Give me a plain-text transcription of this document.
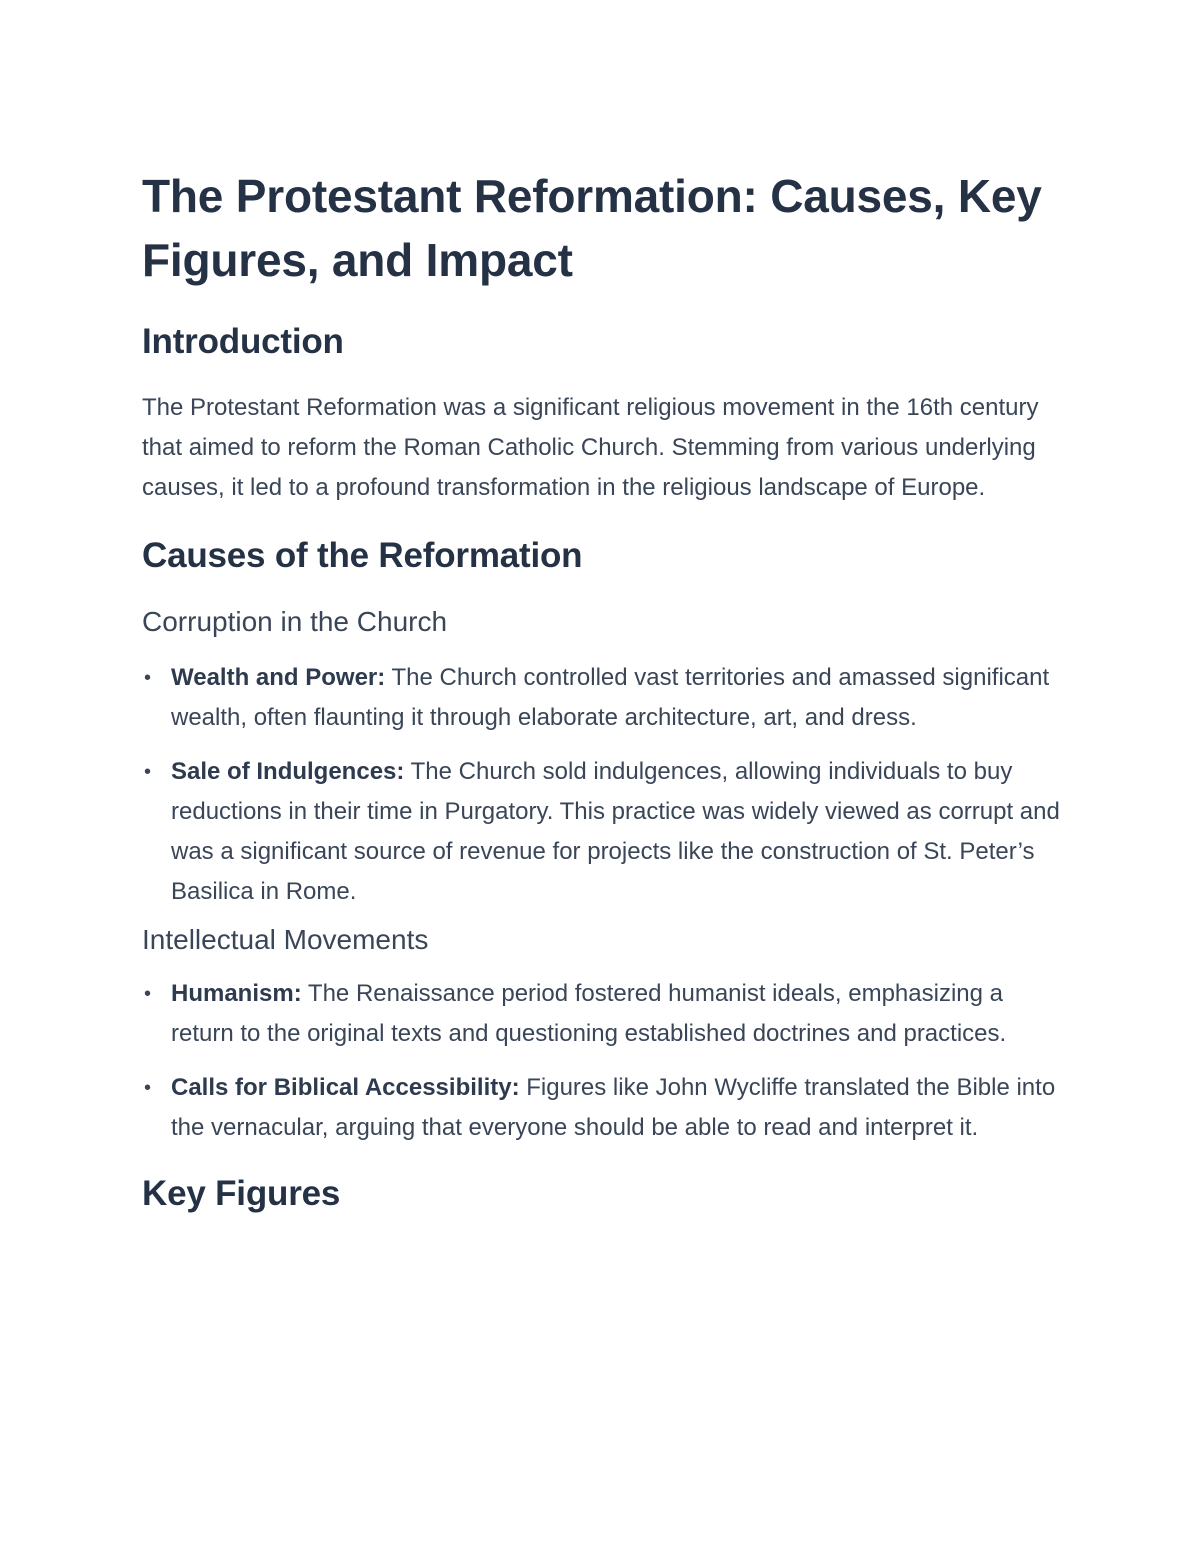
The Protestant Reformation: Causes, Key Figures, and Impact
Introduction

The Protestant Reformation was a significant religious movement in the 16th century that aimed to reform the Roman Catholic Church. Stemming from various underlying causes, it led to a profound transformation in the religious landscape of Europe.

Causes of the Reformation
Corruption in the Church
• Wealth and Power: The Church controlled vast territories and amassed significant wealth, often flaunting it through elaborate architecture, art, and dress.
• Sale of Indulgences: The Church sold indulgences, allowing individuals to buy reductions in their time in Purgatory. This practice was widely viewed as corrupt and was a significant source of revenue for projects like the construction of St. Peter’s Basilica in Rome.
Intellectual Movements
• Humanism: The Renaissance period fostered humanist ideals, emphasizing a return to the original texts and questioning established doctrines and practices.
• Calls for Biblical Accessibility: Figures like John Wycliffe translated the Bible into the vernacular, arguing that everyone should be able to read and interpret it.
Key Figures
